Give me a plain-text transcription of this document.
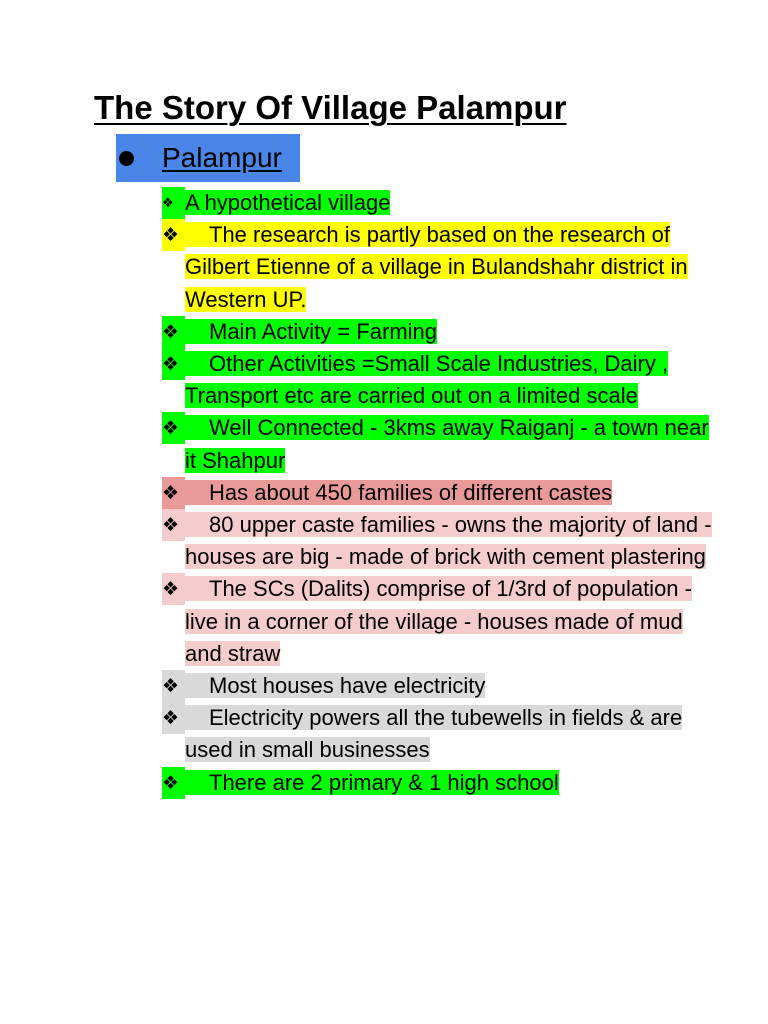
The Story Of Village Palampur
Palampur
❖ A hypothetical village
❖ The research is partly based on the research of Gilbert Etienne of a village in Bulandshahr district in Western UP.
❖ Main Activity = Farming
❖ Other Activities =Small Scale Industries, Dairy , Transport etc are carried out on a limited scale
❖ Well Connected - 3kms away Raiganj - a town near it Shahpur
❖ Has about 450 families of different castes
❖ 80 upper caste families - owns the majority of land - houses are big - made of brick with cement plastering
❖ The SCs (Dalits) comprise of 1/3rd of population - live in a corner of the village - houses made of mud and straw
❖ Most houses have electricity
❖ Electricity powers all the tubewells in fields & are used in small businesses
❖ There are 2 primary & 1 high school
